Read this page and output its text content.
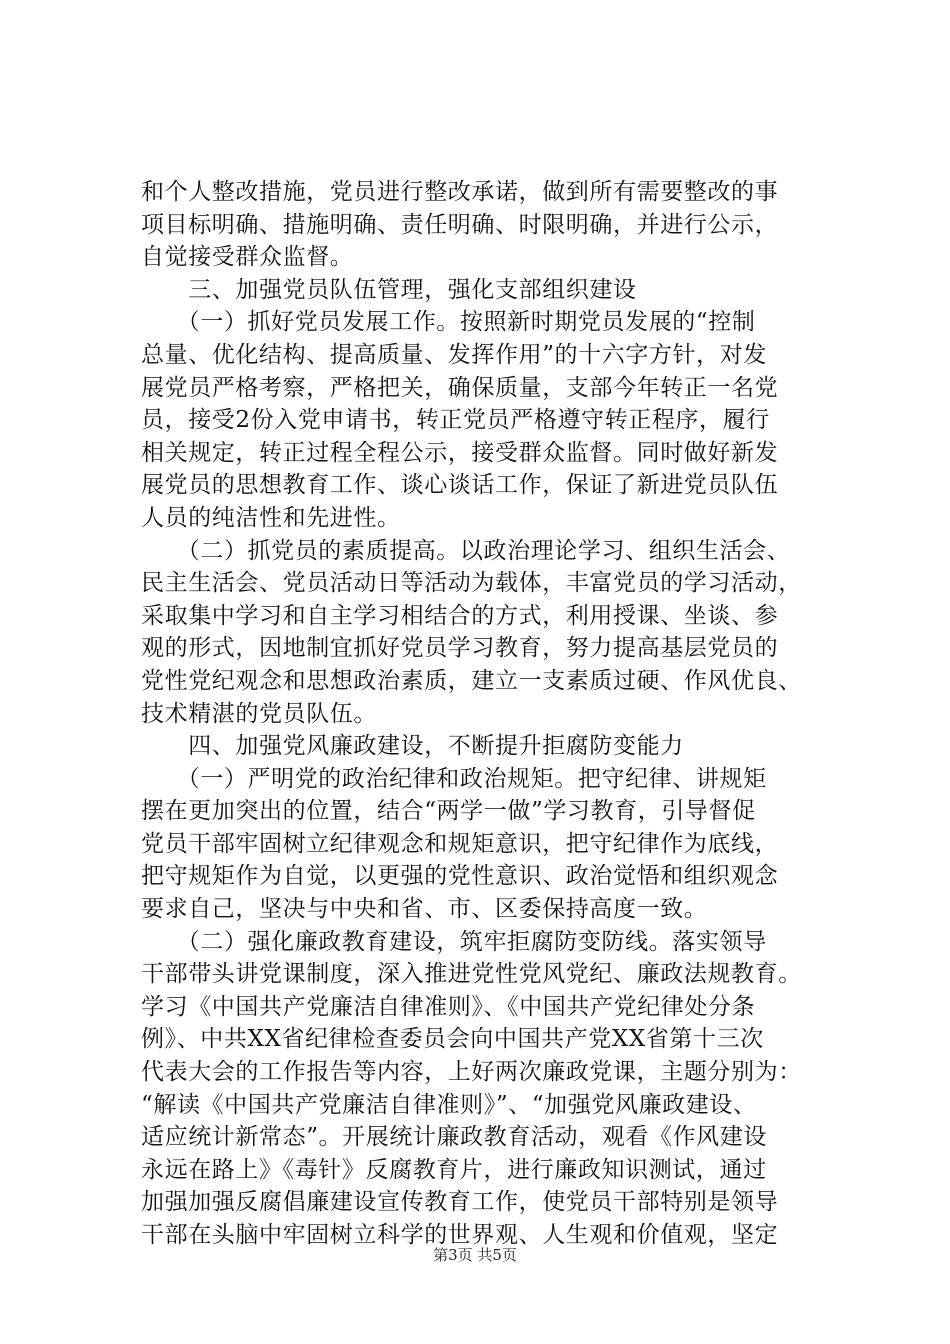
和个人整改措施，党员进行整改承诺，做到所有需要整改的事
项目标明确、措施明确、责任明确、时限明确，并进行公示，
自觉接受群众监督。
　　三、加强党员队伍管理，强化支部组织建设
　　（一）抓好党员发展工作。按照新时期党员发展的“控制
总量、优化结构、提高质量、发挥作用”的十六字方针，对发
展党员严格考察，严格把关，确保质量，支部今年转正一名党
员，接受2份入党申请书，转正党员严格遵守转正程序，履行
相关规定，转正过程全程公示，接受群众监督。同时做好新发
展党员的思想教育工作、谈心谈话工作，保证了新进党员队伍
人员的纯洁性和先进性。
　　（二）抓党员的素质提高。以政治理论学习、组织生活会、
民主生活会、党员活动日等活动为载体，丰富党员的学习活动，
采取集中学习和自主学习相结合的方式，利用授课、坐谈、参
观的形式，因地制宜抓好党员学习教育，努力提高基层党员的
党性党纪观念和思想政治素质，建立一支素质过硬、作风优良、
技术精湛的党员队伍。
　　四、加强党风廉政建设，不断提升拒腐防变能力
　　（一）严明党的政治纪律和政治规矩。把守纪律、讲规矩
摆在更加突出的位置，结合“两学一做”学习教育，引导督促
党员干部牢固树立纪律观念和规矩意识，把守纪律作为底线，
把守规矩作为自觉，以更强的党性意识、政治觉悟和组织观念
要求自己，坚决与中央和省、市、区委保持高度一致。
　　（二）强化廉政教育建设，筑牢拒腐防变防线。落实领导
干部带头讲党课制度，深入推进党性党风党纪、廉政法规教育。
学习《中国共产党廉洁自律准则》、《中国共产党纪律处分条
例》、中共XX省纪律检查委员会向中国共产党XX省第十三次
代表大会的工作报告等内容，上好两次廉政党课，主题分别为：
“解读《中国共产党廉洁自律准则》”、“加强党风廉政建设、
适应统计新常态”。开展统计廉政教育活动，观看《作风建设
永远在路上》《毒针》反腐教育片，进行廉政知识测试，通过
加强加强反腐倡廉建设宣传教育工作，使党员干部特别是领导
干部在头脑中牢固树立科学的世界观、人生观和价值观，坚定
第3页 共5页
